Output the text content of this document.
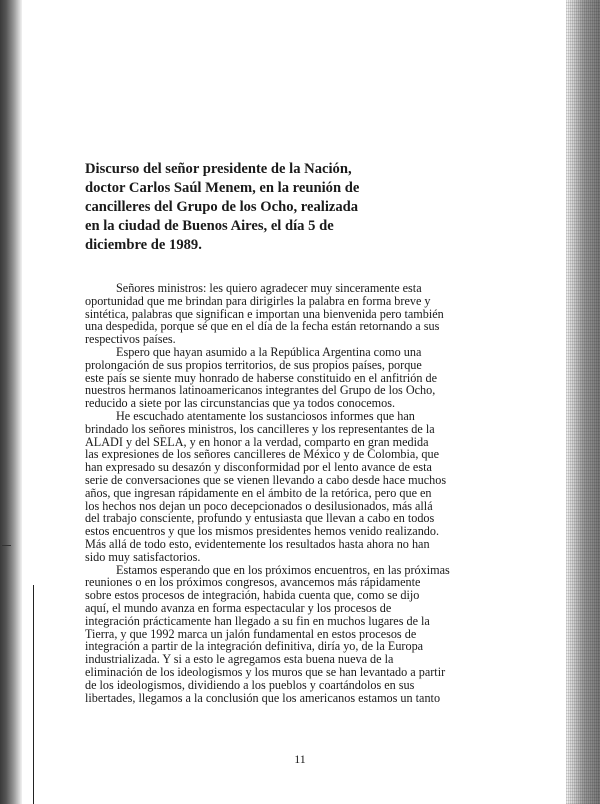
Discurso del señor presidente de la Nación,
doctor Carlos Saúl Menem, en la reunión de
cancilleres del Grupo de los Ocho, realizada
en la ciudad de Buenos Aires, el día 5 de
diciembre de 1989.
Señores ministros: les quiero agradecer muy sinceramente esta
oportunidad que me brindan para dirigirles la palabra en forma breve y
sintética, palabras que significan e importan una bienvenida pero también
una despedida, porque sé que en el día de la fecha están retornando a sus
respectivos países.
Espero que hayan asumido a la República Argentina como una
prolongación de sus propios territorios, de sus propios países, porque
este país se siente muy honrado de haberse constituido en el anfitrión de
nuestros hermanos latinoamericanos integrantes del Grupo de los Ocho,
reducido a siete por las circunstancias que ya todos conocemos.
He escuchado atentamente los sustanciosos informes que han
brindado los señores ministros, los cancilleres y los representantes de la
ALADI y del SELA, y en honor a la verdad, comparto en gran medida
las expresiones de los señores cancilleres de México y de Colombia, que
han expresado su desazón y disconformidad por el lento avance de esta
serie de conversaciones que se vienen llevando a cabo desde hace muchos
años, que ingresan rápidamente en el ámbito de la retórica, pero que en
los hechos nos dejan un poco decepcionados o desilusionados, más allá
del trabajo consciente, profundo y entusiasta que llevan a cabo en todos
estos encuentros y que los mismos presidentes hemos venido realizando.
Más allá de todo esto, evidentemente los resultados hasta ahora no han
sido muy satisfactorios.
Estamos esperando que en los próximos encuentros, en las próximas
reuniones o en los próximos congresos, avancemos más rápidamente
sobre estos procesos de integración, habida cuenta que, como se dijo
aquí, el mundo avanza en forma espectacular y los procesos de
integración prácticamente han llegado a su fin en muchos lugares de la
Tierra, y que 1992 marca un jalón fundamental en estos procesos de
integración a partir de la integración definitiva, diría yo, de la Europa
industrializada. Y si a esto le agregamos esta buena nueva de la
eliminación de los ideologismos y los muros que se han levantado a partir
de los ideologismos, dividiendo a los pueblos y coartándolos en sus
libertades, llegamos a la conclusión que los americanos estamos un tanto
11
